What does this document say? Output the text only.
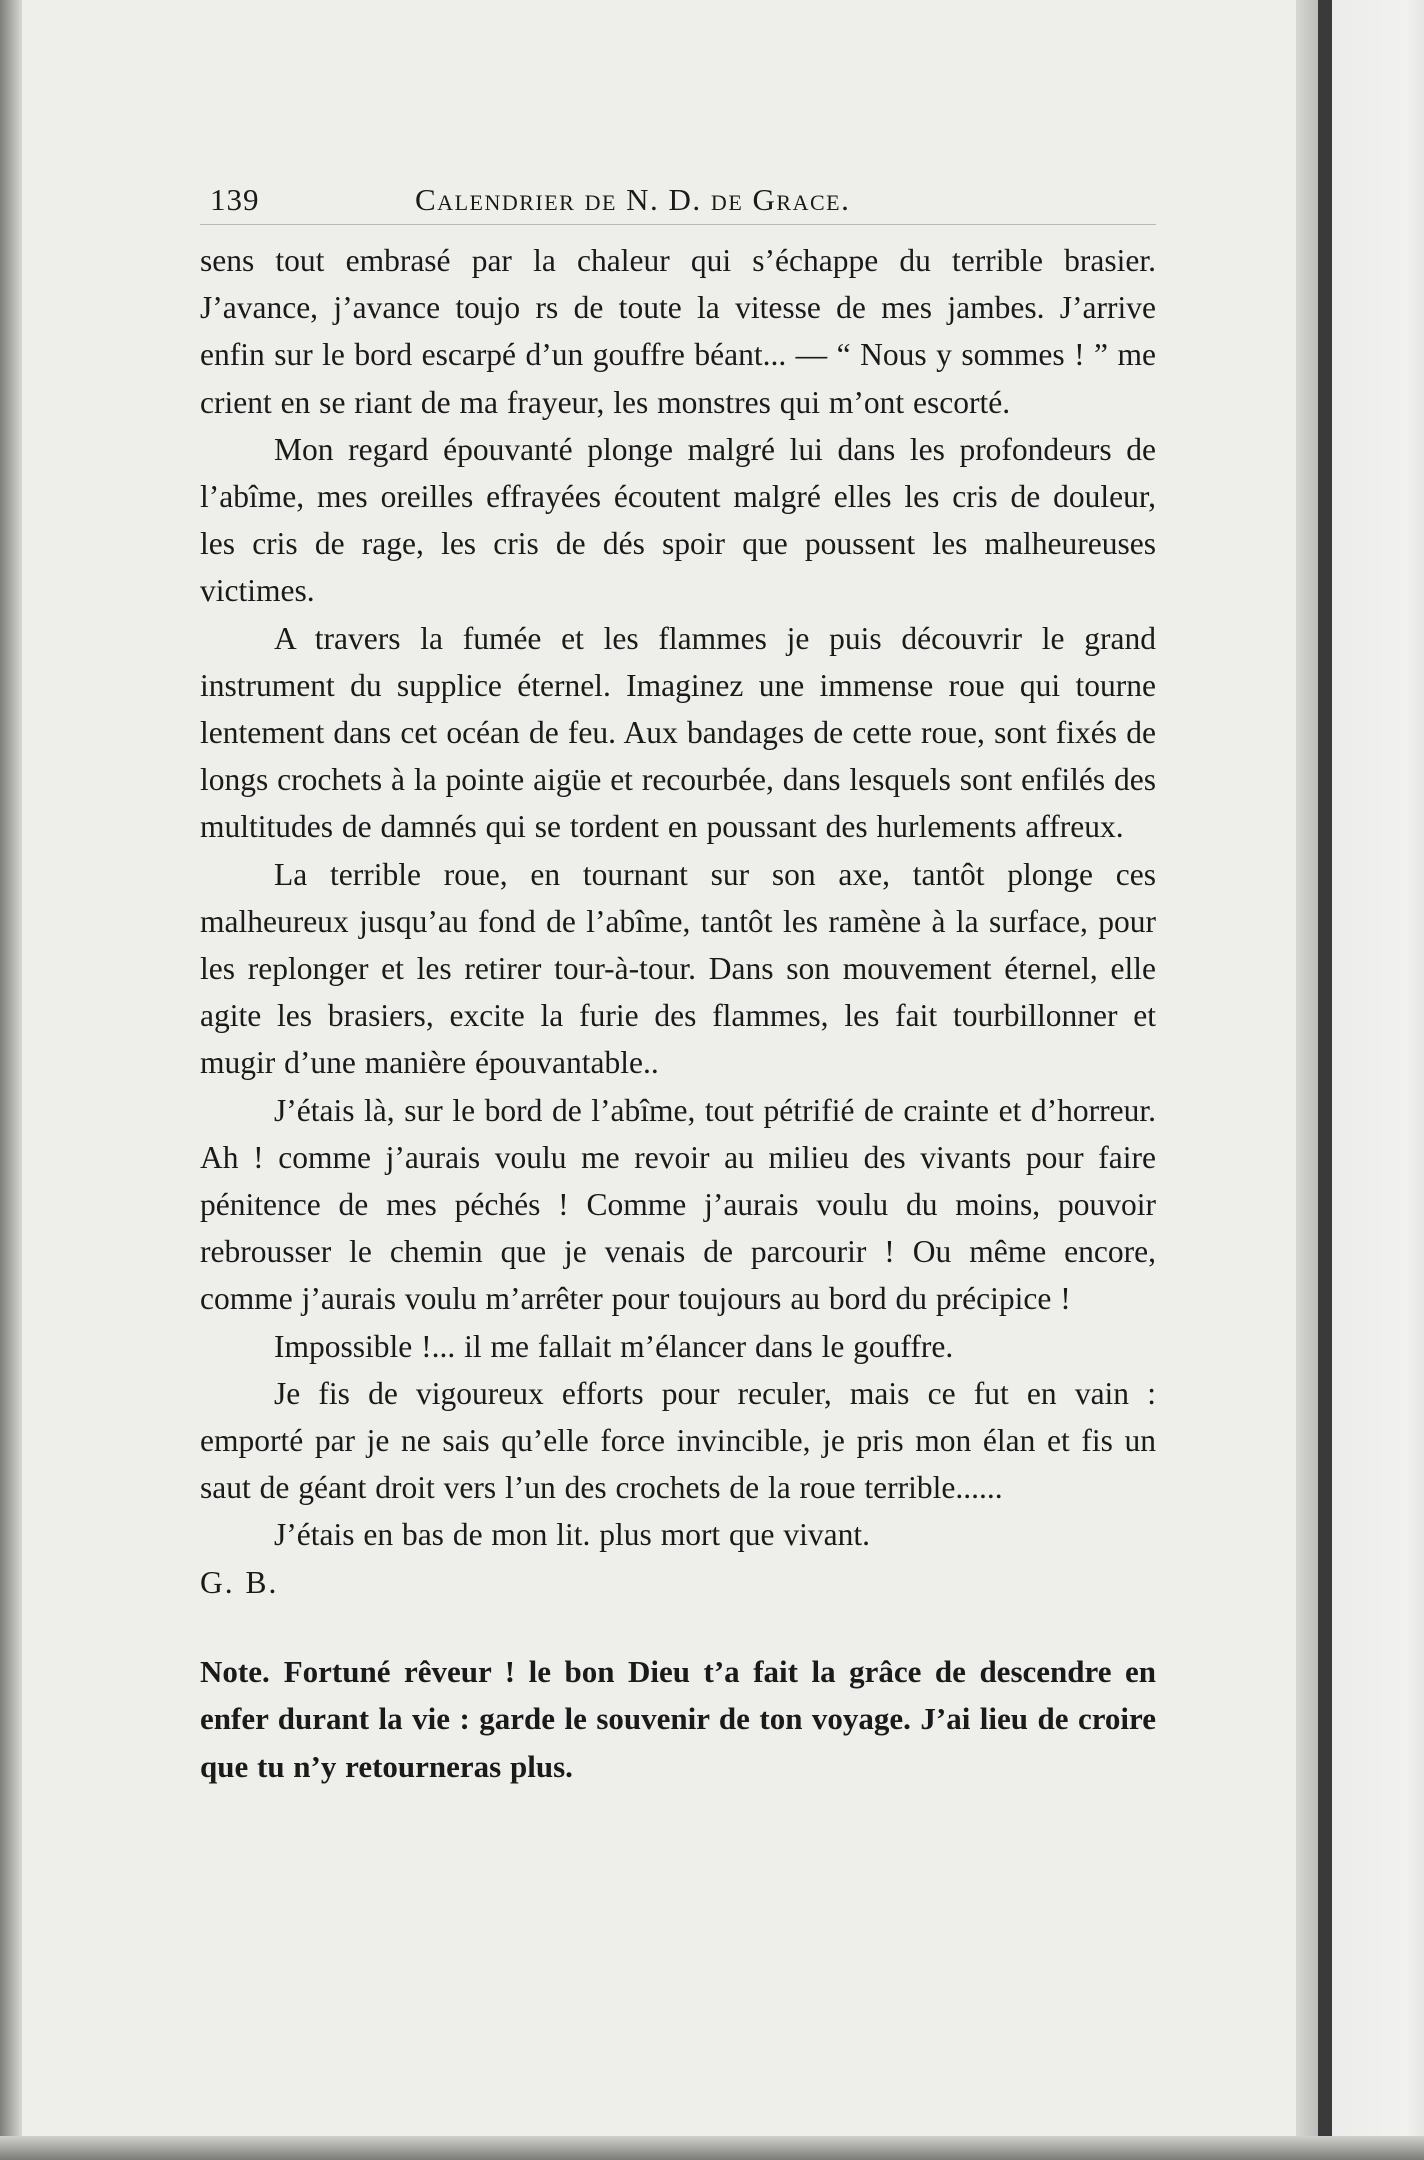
139	Calendrier de N. D. de Grace.

sens tout embrasé par la chaleur qui s’échappe du terrible brasier. J’avance, j’avance toujo rs de toute la vitesse de mes jambes. J’arrive enfin sur le bord escarpé d’un gouffre béant... — “ Nous y sommes ! ” me crient en se riant de ma frayeur, les monstres qui m’ont escorté.

Mon regard épouvanté plonge malgré lui dans les profondeurs de l’abîme, mes oreilles effrayées écoutent malgré elles les cris de douleur, les cris de rage, les cris de dés spoir que poussent les malheureuses victimes.

A travers la fumée et les flammes je puis découvrir le grand instrument du supplice éternel. Imaginez une immense roue qui tourne lentement dans cet océan de feu. Aux bandages de cette roue, sont fixés de longs crochets à la pointe aigüe et recourbée, dans lesquels sont enfilés des multitudes de damnés qui se tordent en poussant des hurlements affreux.

La terrible roue, en tournant sur son axe, tantôt plonge ces malheureux jusqu’au fond de l’abîme, tantôt les ramène à la surface, pour les replonger et les retirer tour-à-tour. Dans son mouvement éternel, elle agite les brasiers, excite la furie des flammes, les fait tourbillonner et mugir d’une manière épouvantable..

J’étais là, sur le bord de l’abîme, tout pétrifié de crainte et d’horreur. Ah ! comme j’aurais voulu me revoir au milieu des vivants pour faire pénitence de mes péchés ! Comme j’aurais voulu du moins, pouvoir rebrousser le chemin que je venais de parcourir ! Ou même encore, comme j’aurais voulu m’arrêter pour toujours au bord du précipice !

Impossible !... il me fallait m’élancer dans le gouffre.

Je fis de vigoureux efforts pour reculer, mais ce fut en vain : emporté par je ne sais qu’elle force invincible, je pris mon élan et fis un saut de géant droit vers l’un des crochets de la roue terrible......

J’étais en bas de mon lit. plus mort que vivant.

G. B.

Note. Fortuné rêveur ! le bon Dieu t’a fait la grâce de descendre en enfer durant la vie : garde le souvenir de ton voyage. J’ai lieu de croire que tu n’y retourneras plus.
